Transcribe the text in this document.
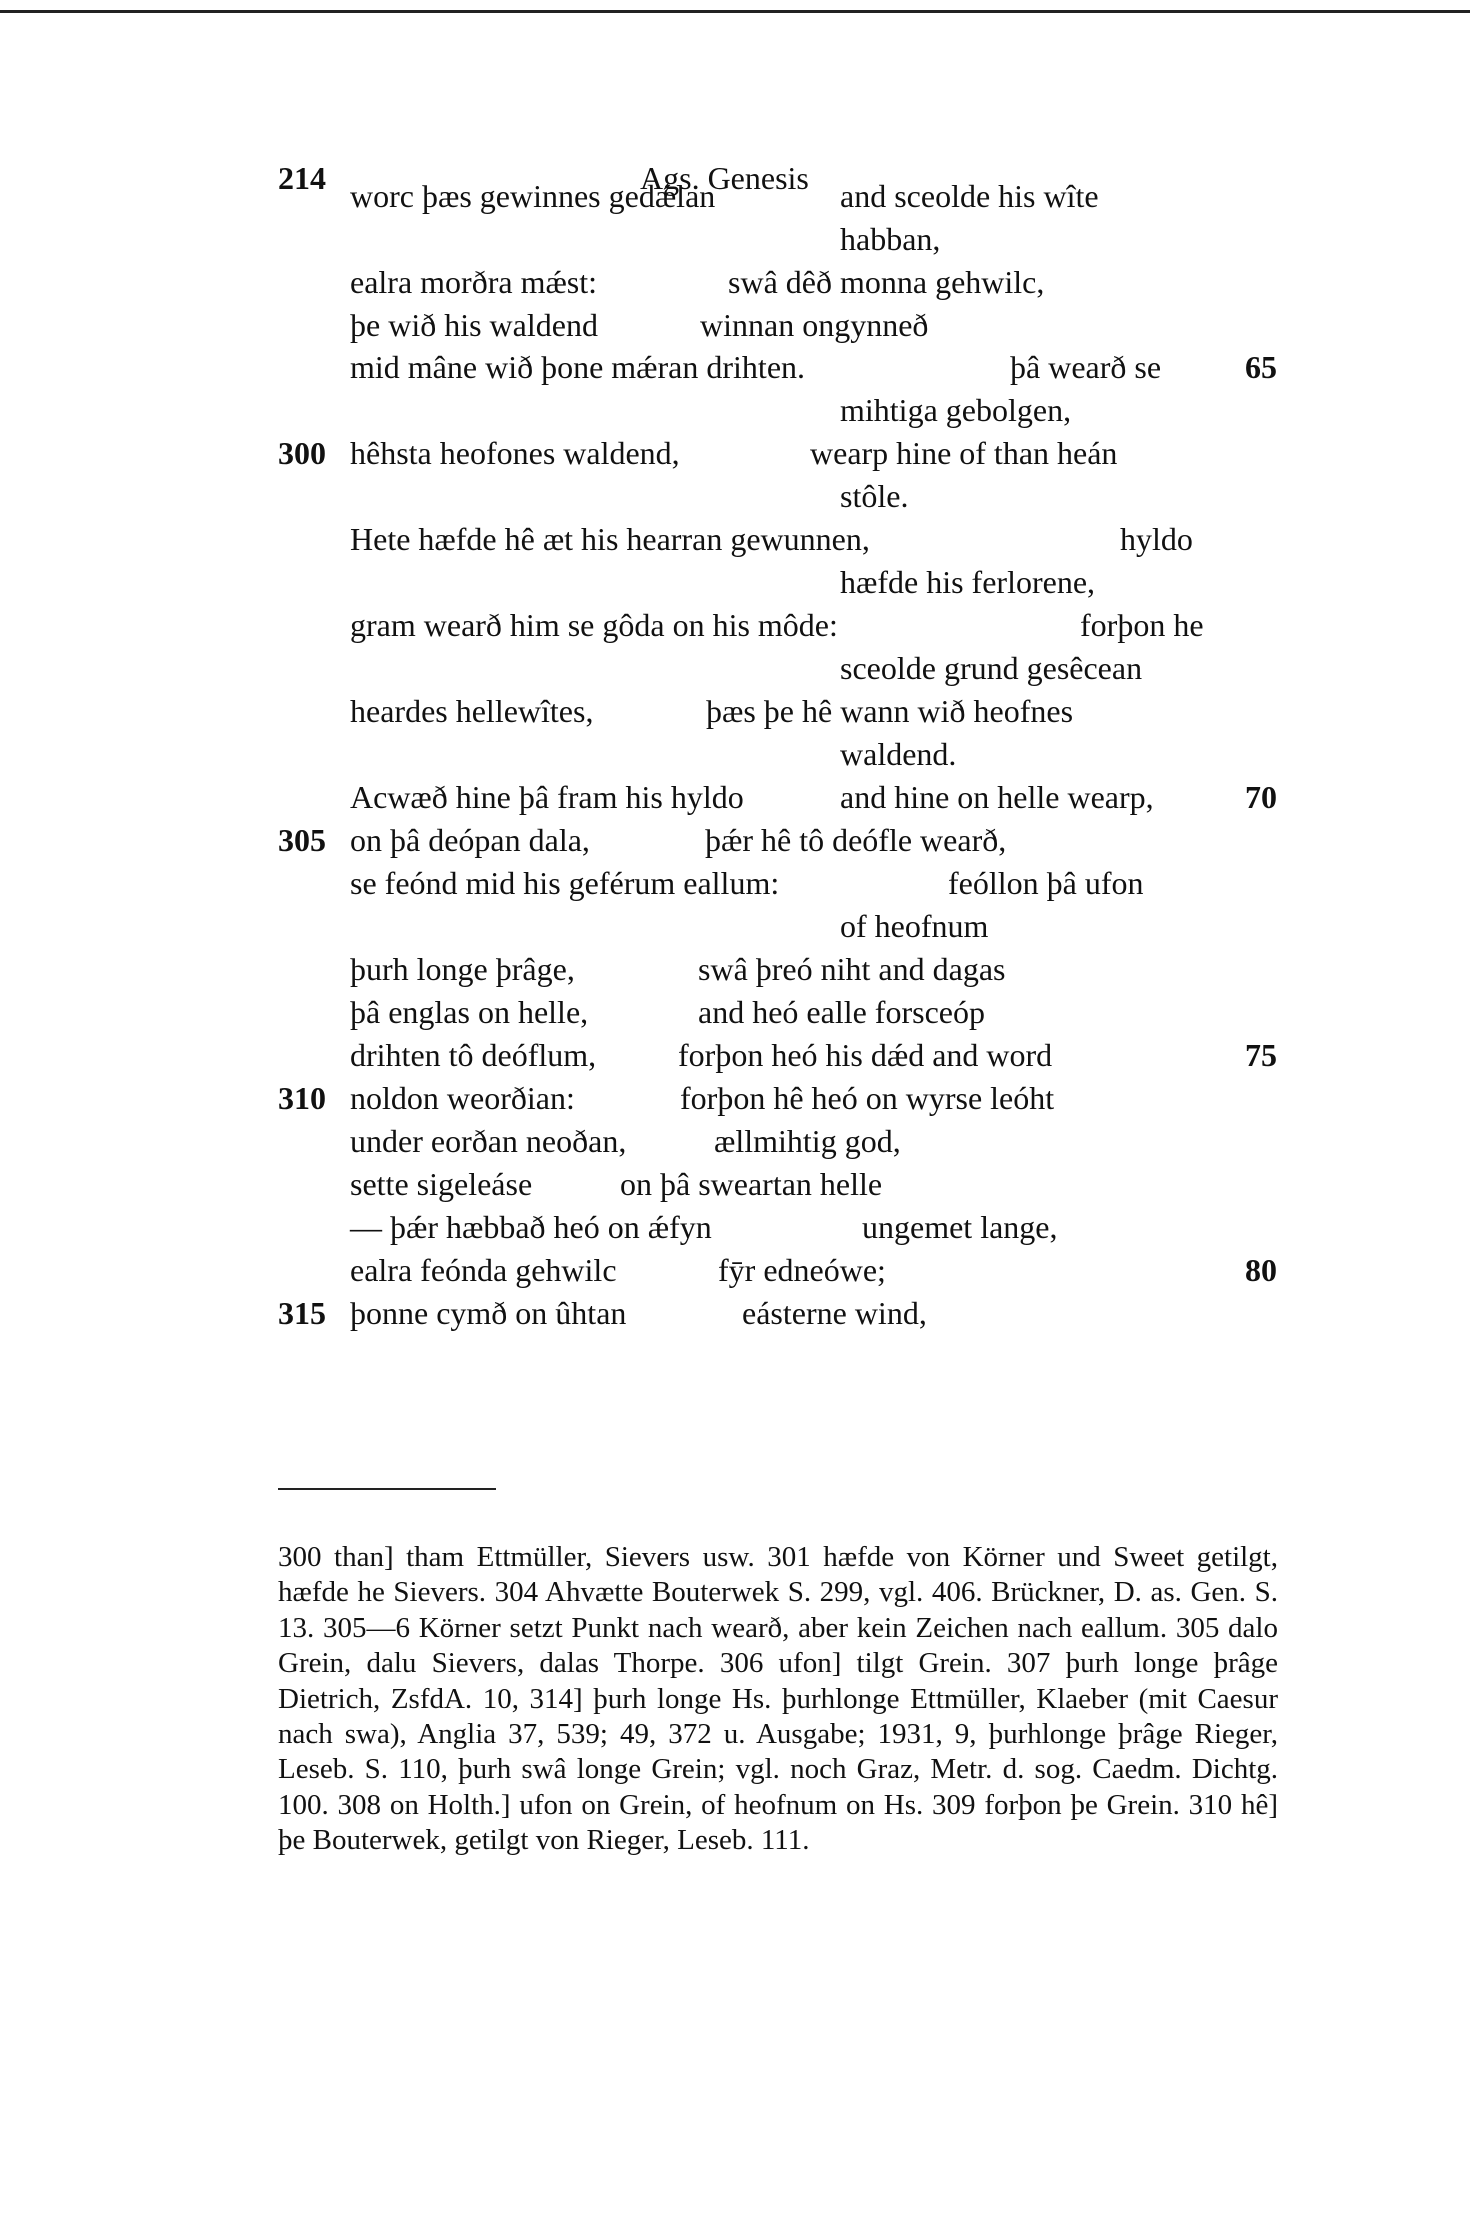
214	Ags. Genesis
worc þæs gewinnes gedǽlan	and sceolde his wîte
habban,
ealra morðra mǽst:	swâ dêð monna gehwilc,
þe wið his waldend	winnan ongynneð
mid mâne wið þone mǽran drihten.	þâ wearð se	65
mihtiga gebolgen,
300 hêhsta heofones waldend,	wearp hine of than heán
stôle.
Hete hæfde hê æt his hearran gewunnen,	hyldo
hæfde his ferlorene,
gram wearð him se gôda on his môde:	forþon he
sceolde grund gesêcean
heardes hellewîtes,	þæs þe hê wann wið heofnes
waldend.
Acwæð hine þâ fram his hyldo	and hine on helle wearp,	70
305 on þâ deópan dala,	þǽr hê tô deófle wearð,
se feónd mid his geférum eallum:	feóllon þâ ufon
of heofnum
þurh longe þrâge,	swâ þreó niht and dagas
þâ englas on helle,	and heó ealle forsceóp
drihten tô deóflum,	forþon heó his dǽd and word	75
310 noldon weorðian:	forþon hê heó on wyrse leóht
under eorðan neoðan,	ællmihtig god,
sette sigeleáse	on þâ sweartan helle
— þǽr hæbbað heó on ǽfyn	ungemet lange,
ealra feónda gehwilc	fȳr edneówe;	80
315 þonne cymð on ûhtan	eásterne wind,

300 than] tham Ettmüller, Sievers usw. 301 hæfde von Körner und Sweet getilgt, hæfde he Sievers. 304 Ahvætte Bouterwek S. 299, vgl. 406. Brückner, D. as. Gen. S. 13. 305—6 Körner setzt Punkt nach wearð, aber kein Zeichen nach eallum. 305 dalo Grein, dalu Sievers, dalas Thorpe. 306 ufon] tilgt Grein. 307 þurh longe þrâge Dietrich, ZsfdA. 10, 314] þurh longe Hs. þurhlonge Ettmüller, Klaeber (mit Caesur nach swa), Anglia 37, 539; 49, 372 u. Ausgabe; 1931, 9, þurhlonge þrâge Rieger, Leseb. S. 110, þurh swâ longe Grein; vgl. noch Graz, Metr. d. sog. Caedm. Dichtg. 100. 308 on Holth.] ufon on Grein, of heofnum on Hs. 309 forþon þe Grein. 310 hê] þe Bouterwek, getilgt von Rieger, Leseb. 111.
